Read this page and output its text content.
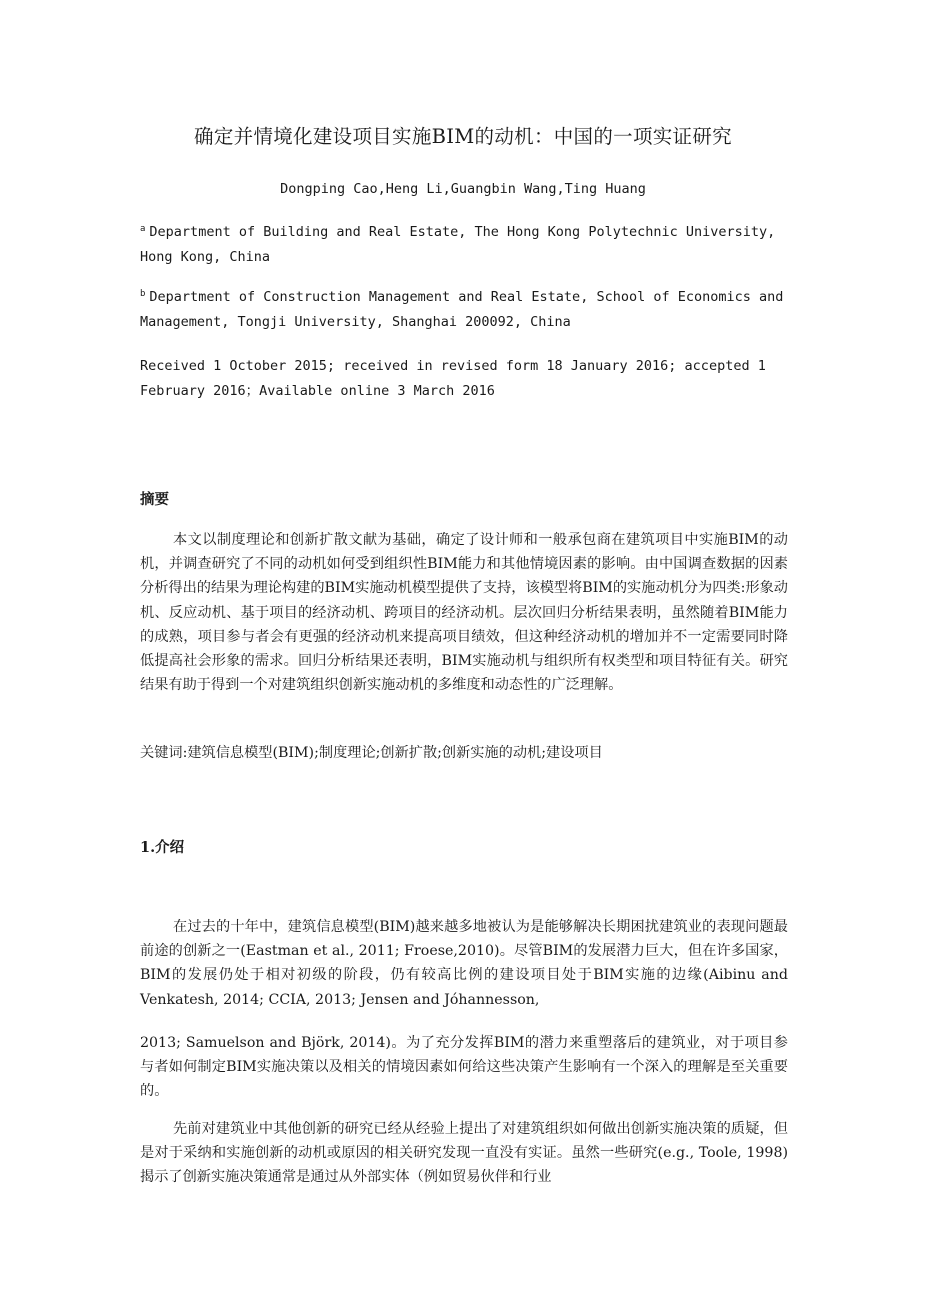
确定并情境化建设项目实施BIM的动机：中国的一项实证研究
Dongping Cao,Heng Li,Guangbin Wang,Ting Huang
$^a$ Department of Building and Real Estate, The Hong Kong Polytechnic University, Hong Kong, China
$^b$ Department of Construction Management and Real Estate, School of Economics and Management, Tongji University, Shanghai 200092, China
Received 1 October 2015; received in revised form 18 January 2016; accepted 1 February 2016；Available online 3 March 2016
摘要
本文以制度理论和创新扩散文献为基础，确定了设计师和一般承包商在建筑项目中实施BIM的动机，并调查研究了不同的动机如何受到组织性BIM能力和其他情境因素的影响。由中国调查数据的因素分析得出的结果为理论构建的BIM实施动机模型提供了支持，该模型将BIM的实施动机分为四类:形象动机、反应动机、基于项目的经济动机、跨项目的经济动机。层次回归分析结果表明，虽然随着BIM能力的成熟，项目参与者会有更强的经济动机来提高项目绩效，但这种经济动机的增加并不一定需要同时降低提高社会形象的需求。回归分析结果还表明，BIM实施动机与组织所有权类型和项目特征有关。研究结果有助于得到一个对建筑组织创新实施动机的多维度和动态性的广泛理解。
关键词:建筑信息模型(BIM);制度理论;创新扩散;创新实施的动机;建设项目
1.介绍
在过去的十年中，建筑信息模型(BIM)越来越多地被认为是能够解决长期困扰建筑业的表现问题最前途的创新之一(Eastman et al., 2011; Froese,2010)。尽管BIM的发展潜力巨大，但在许多国家，BIM的发展仍处于相对初级的阶段，仍有较高比例的建设项目处于BIM实施的边缘(Aibinu and Venkatesh, 2014; CCIA, 2013; Jensen and Jóhannesson,
2013; Samuelson and Björk, 2014)。为了充分发挥BIM的潜力来重塑落后的建筑业，对于项目参与者如何制定BIM实施决策以及相关的情境因素如何给这些决策产生影响有一个深入的理解是至关重要的。
先前对建筑业中其他创新的研究已经从经验上提出了对建筑组织如何做出创新实施决策的质疑，但是对于采纳和实施创新的动机或原因的相关研究发现一直没有实证。虽然一些研究(e.g., Toole, 1998)揭示了创新实施决策通常是通过从外部实体（例如贸易伙伴和行业
